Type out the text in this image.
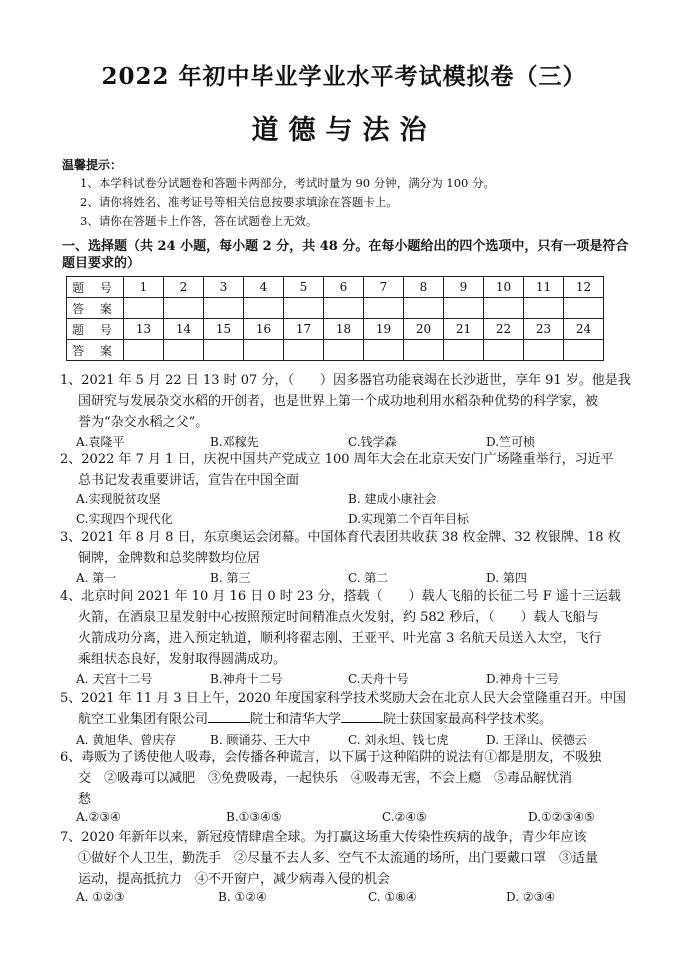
2022 年初中毕业学业水平考试模拟卷（三）
道德与法治
温馨提示：
1、本学科试卷分试题卷和答题卡两部分，考试时量为 90 分钟，满分为 100 分。
2、请你将姓名、准考证号等相关信息按要求填涂在答题卡上。
3、请你在答题卡上作答，答在试题卷上无效。
一、选择题（共 24 小题，每小题 2 分，共 48 分。在每小题给出的四个选项中，只有一项是符合题目要求的）
题 号	1	2	3	4	5	6	7	8	9	10	11	12
答 案												
题 号	13	14	15	16	17	18	19	20	21	22	23	24
答 案												
1、2021 年 5 月 22 日 13 时 07 分，（　　）因多器官功能衰竭在长沙逝世，享年 91 岁。他是我
国研究与发展杂交水稻的开创者，也是世界上第一个成功地利用水稻杂种优势的科学家，被
誉为“杂交水稻之父”。
A.袁隆平	B.邓稼先	C.钱学森	D.竺可桢
2、2022 年 7 月 1 日，庆祝中国共产党成立 100 周年大会在北京天安门广场隆重举行，习近平
总书记发表重要讲话，宣告在中国全面
A.实现脱贫攻坚	B. 建成小康社会
C.实现四个现代化	D.实现第二个百年目标
3、2021 年 8 月 8 日，东京奥运会闭幕。中国体育代表团共收获 38 枚金牌、32 枚银牌、18 枚
铜牌，金牌数和总奖牌数均位居
A. 第一	B. 第三	C. 第二	D. 第四
4、北京时间 2021 年 10 月 16 日 0 时 23 分，搭载（　　）载人飞船的长征二号 F 遥十三运载
火箭，在酒泉卫星发射中心按照预定时间精准点火发射，约 582 秒后，（　　）载人飞船与
火箭成功分离，进入预定轨道，顺利将翟志刚、王亚平、叶光富 3 名航天员送入太空，飞行
乘组状态良好，发射取得圆满成功。
A. 天宫十二号	B.神舟十二号	C.天舟十号	D.神舟十三号
5、2021 年 11 月 3 日上午，2020 年度国家科学技术奖励大会在北京人民大会堂隆重召开。中国
航空工业集团有限公司	院士和清华大学	院士获国家最高科学技术奖。
A. 黄旭华、曾庆存	B. 顾诵芬、王大中	C. 刘永坦、钱七虎	D. 王泽山、侯德云
6、毒贩为了诱使他人吸毒，会传播各种谎言，以下属于这种陷阱的说法有①都是朋友，不吸独
交　②吸毒可以减肥　③免费吸毒，一起快乐　④吸毒无害，不会上瘾　⑤毒品解忧消
愁
A.②③④	B.①③④⑤	C.②④⑤	D.①②③④⑤
7、2020 年新年以来，新冠疫情肆虐全球。为打赢这场重大传染性疾病的战争，青少年应该
①做好个人卫生，勤洗手　②尽量不去人多、空气不太流通的场所，出门要戴口罩　③适量
运动，提高抵抗力　④不开窗户，减少病毒入侵的机会
A. ①②③	B. ①②④	C. ①⑧④	D. ②③④
